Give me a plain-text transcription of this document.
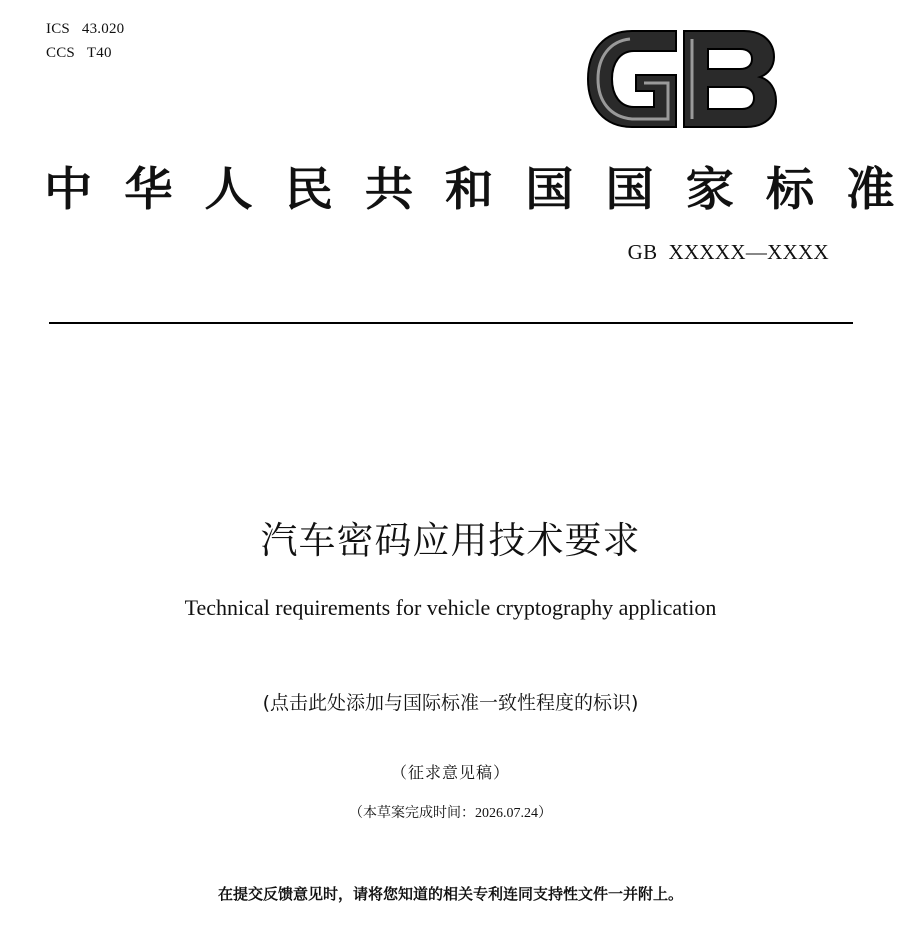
ICS 43.020
CCS T40
中 华 人 民 共 和 国 国 家 标 准
GB  XXXXX—XXXX
汽车密码应用技术要求
Technical requirements for vehicle cryptography application
(点击此处添加与国际标准一致性程度的标识)
（征求意见稿）
（本草案完成时间：2026.07.24）
在提交反馈意见时，请将您知道的相关专利连同支持性文件一并附上。
